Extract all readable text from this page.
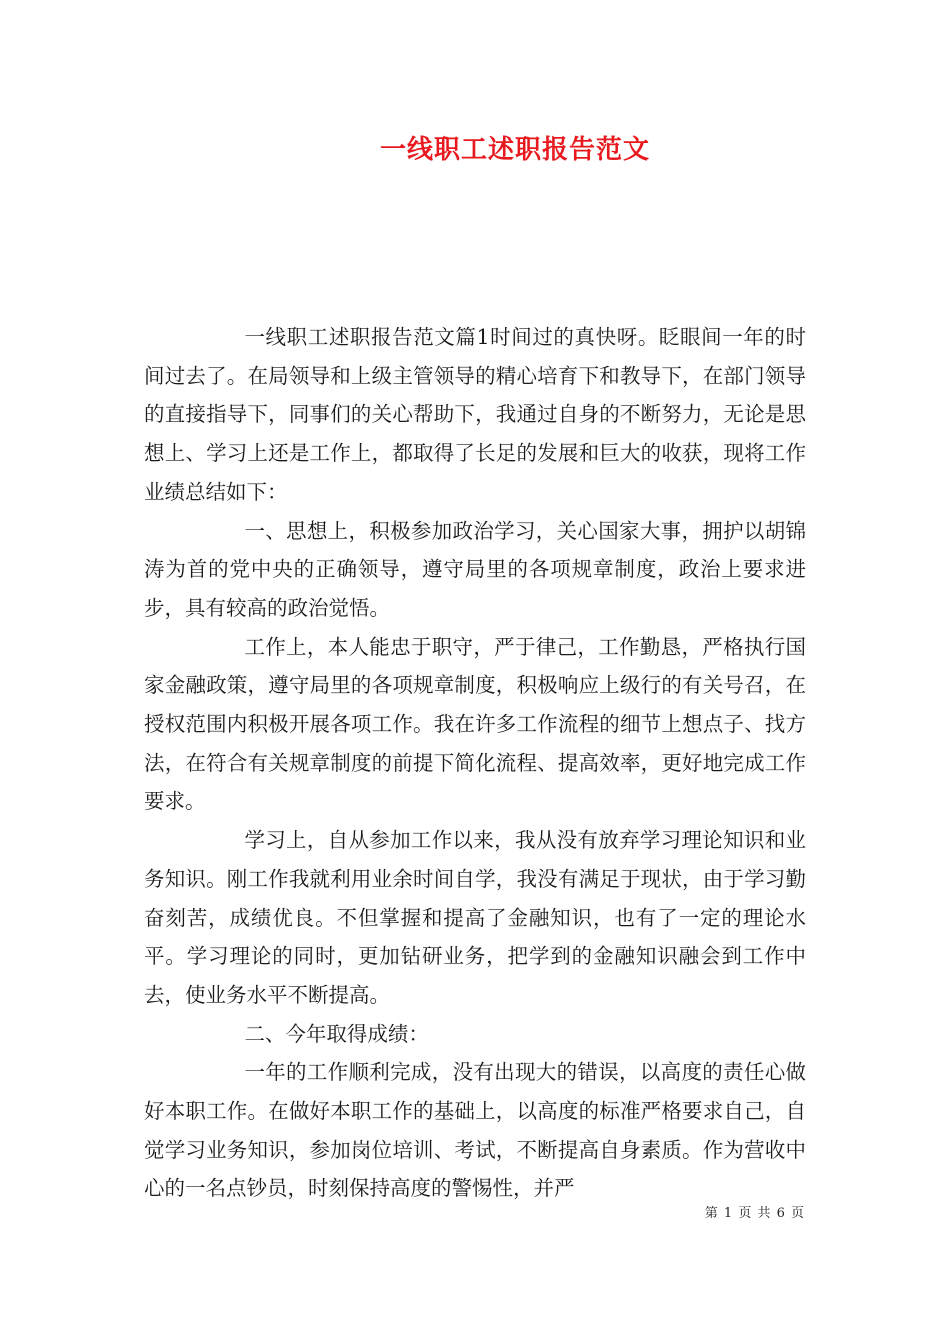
一线职工述职报告范文

一线职工述职报告范文篇1时间过的真快呀。眨眼间一年的时间过去了。在局领导和上级主管领导的精心培育下和教导下，在部门领导的直接指导下，同事们的关心帮助下，我通过自身的不断努力，无论是思想上、学习上还是工作上，都取得了长足的发展和巨大的收获，现将工作业绩总结如下：

一、思想上，积极参加政治学习，关心国家大事，拥护以胡锦涛为首的党中央的正确领导，遵守局里的各项规章制度，政治上要求进步，具有较高的政治觉悟。

工作上，本人能忠于职守，严于律己，工作勤恳，严格执行国家金融政策，遵守局里的各项规章制度，积极响应上级行的有关号召，在授权范围内积极开展各项工作。我在许多工作流程的细节上想点子、找方法，在符合有关规章制度的前提下简化流程、提高效率，更好地完成工作要求。

学习上，自从参加工作以来，我从没有放弃学习理论知识和业务知识。刚工作我就利用业余时间自学，我没有满足于现状，由于学习勤奋刻苦，成绩优良。不但掌握和提高了金融知识，也有了一定的理论水平。学习理论的同时，更加钻研业务，把学到的金融知识融会到工作中去，使业务水平不断提高。

二、今年取得成绩：

一年的工作顺利完成，没有出现大的错误，以高度的责任心做好本职工作。在做好本职工作的基础上，以高度的标准严格要求自己，自觉学习业务知识，参加岗位培训、考试，不断提高自身素质。作为营收中心的一名点钞员，时刻保持高度的警惕性，并严

第 1 页 共 6 页
